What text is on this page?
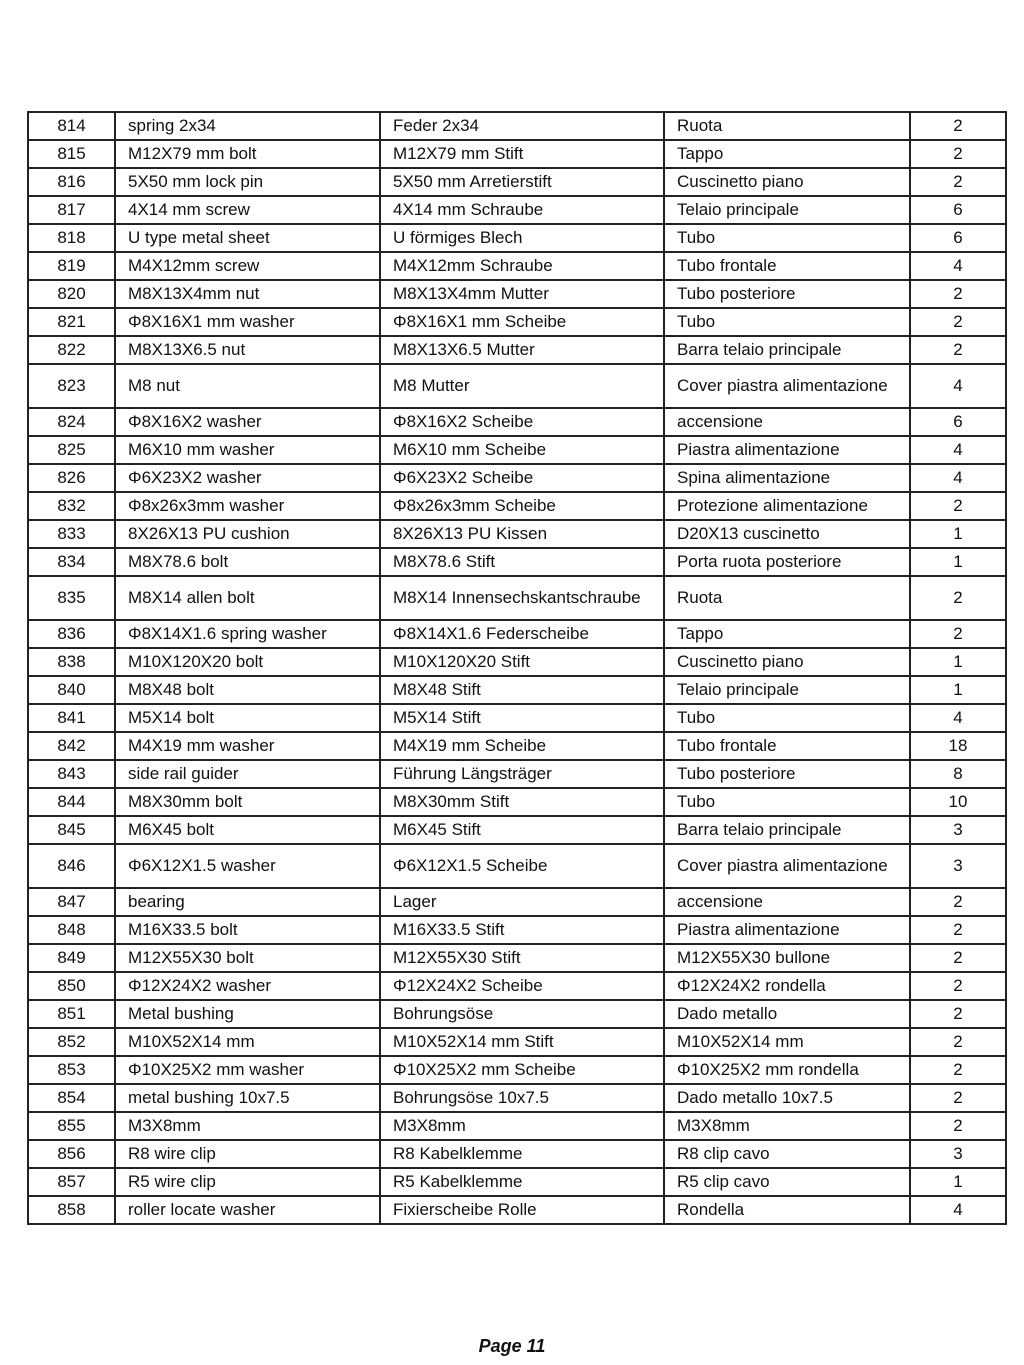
814	spring 2x34	Feder 2x34	Ruota	2
815	M12X79 mm bolt	M12X79 mm Stift	Tappo	2
816	5X50 mm lock pin	5X50 mm Arretierstift	Cuscinetto piano	2
817	4X14 mm screw	4X14 mm Schraube	Telaio principale	6
818	U type metal sheet	U förmiges Blech	Tubo	6
819	M4X12mm screw	M4X12mm Schraube	Tubo frontale	4
820	M8X13X4mm nut	M8X13X4mm Mutter	Tubo posteriore	2
821	Φ8X16X1 mm washer	Φ8X16X1 mm Scheibe	Tubo	2
822	M8X13X6.5 nut	M8X13X6.5 Mutter	Barra telaio principale	2
823	M8 nut	M8 Mutter	Cover piastra alimentazione	4
824	Φ8X16X2 washer	Φ8X16X2 Scheibe	accensione	6
825	M6X10 mm washer	M6X10 mm Scheibe	Piastra alimentazione	4
826	Φ6X23X2 washer	Φ6X23X2 Scheibe	Spina alimentazione	4
832	Φ8x26x3mm washer	Φ8x26x3mm Scheibe	Protezione alimentazione	2
833	8X26X13 PU cushion	8X26X13 PU Kissen	D20X13 cuscinetto	1
834	M8X78.6 bolt	M8X78.6 Stift	Porta ruota posteriore	1
835	M8X14 allen bolt	M8X14 Innensechskantschraube	Ruota	2
836	Φ8X14X1.6 spring washer	Φ8X14X1.6 Federscheibe	Tappo	2
838	M10X120X20 bolt	M10X120X20 Stift	Cuscinetto piano	1
840	M8X48 bolt	M8X48 Stift	Telaio principale	1
841	M5X14 bolt	M5X14 Stift	Tubo	4
842	M4X19 mm washer	M4X19 mm Scheibe	Tubo frontale	18
843	side rail guider	Führung Längsträger	Tubo posteriore	8
844	M8X30mm bolt	M8X30mm Stift	Tubo	10
845	M6X45 bolt	M6X45 Stift	Barra telaio principale	3
846	Φ6X12X1.5 washer	Φ6X12X1.5 Scheibe	Cover piastra alimentazione	3
847	bearing	Lager	accensione	2
848	M16X33.5 bolt	M16X33.5 Stift	Piastra alimentazione	2
849	M12X55X30 bolt	M12X55X30 Stift	M12X55X30 bullone	2
850	Φ12X24X2 washer	Φ12X24X2 Scheibe	Φ12X24X2 rondella	2
851	Metal bushing	Bohrungsöse	Dado metallo	2
852	M10X52X14 mm	M10X52X14 mm Stift	M10X52X14 mm	2
853	Φ10X25X2 mm washer	Φ10X25X2 mm Scheibe	Φ10X25X2 mm rondella	2
854	metal bushing 10x7.5	Bohrungsöse 10x7.5	Dado metallo 10x7.5	2
855	M3X8mm	M3X8mm	M3X8mm	2
856	R8 wire clip	R8 Kabelklemme	R8 clip cavo	3
857	R5 wire clip	R5 Kabelklemme	R5 clip cavo	1
858	roller locate washer	Fixierscheibe Rolle	Rondella	4
Page 11
